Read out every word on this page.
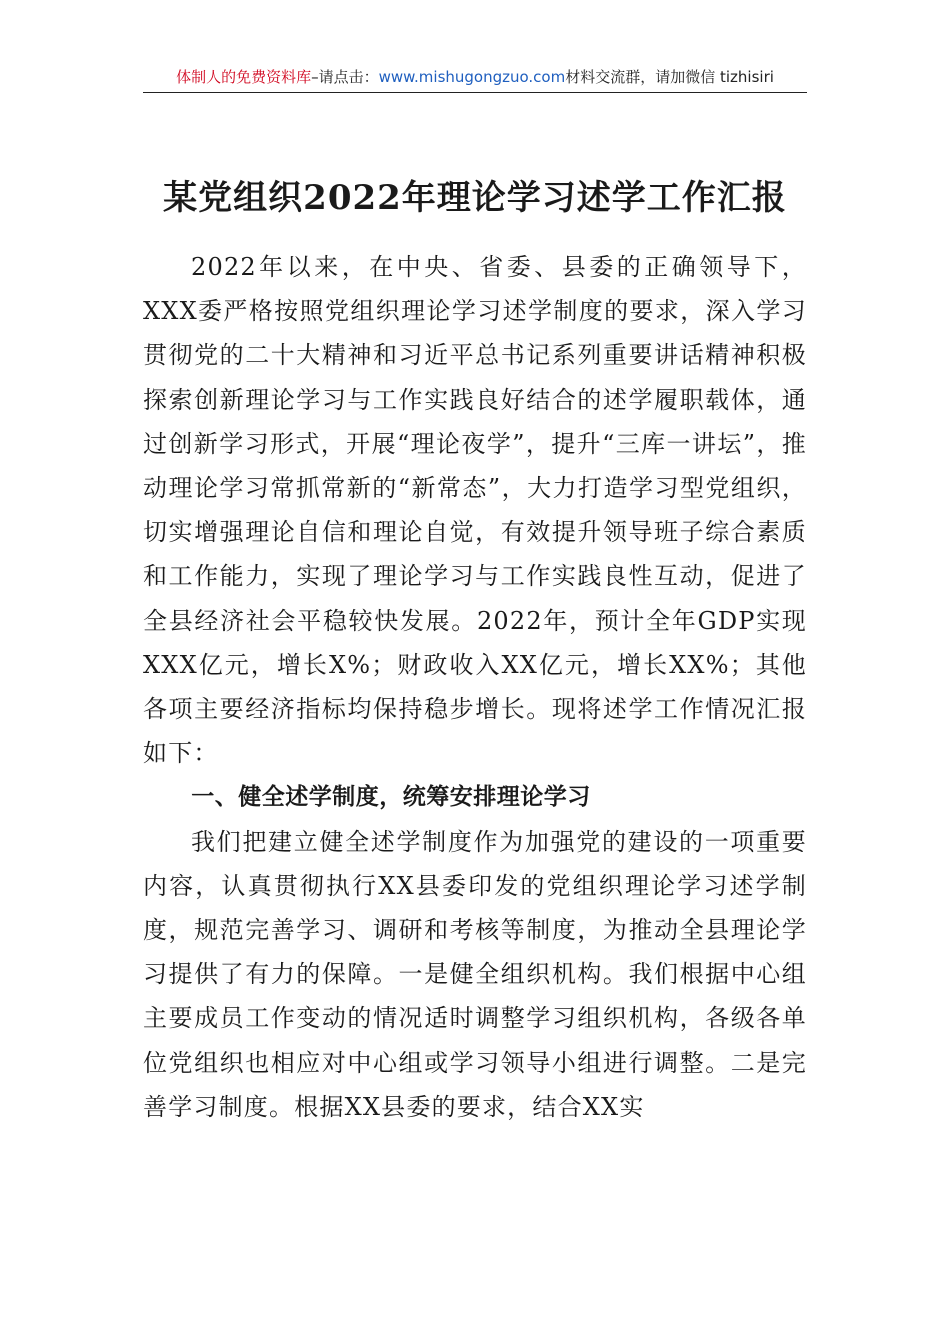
体制人的免费资料库–请点击：www.mishugongzuo.com材料交流群，请加微信 tizhisiri
某党组织2022年理论学习述学工作汇报

2022年以来，在中央、省委、县委的正确领导下，XXX委严格按照党组织理论学习述学制度的要求，深入学习贯彻党的二十大精神和习近平总书记系列重要讲话精神积极探索创新理论学习与工作实践良好结合的述学履职载体，通过创新学习形式，开展“理论夜学”，提升“三库一讲坛”，推动理论学习常抓常新的“新常态”，大力打造学习型党组织，切实增强理论自信和理论自觉，有效提升领导班子综合素质和工作能力，实现了理论学习与工作实践良性互动，促进了全县经济社会平稳较快发展。2022年，预计全年GDP实现XXX亿元，增长X%；财政收入XX亿元，增长XX%；其他各项主要经济指标均保持稳步增长。现将述学工作情况汇报如下：

一、健全述学制度，统筹安排理论学习

我们把建立健全述学制度作为加强党的建设的一项重要内容，认真贯彻执行XX县委印发的党组织理论学习述学制度，规范完善学习、调研和考核等制度，为推动全县理论学习提供了有力的保障。一是健全组织机构。我们根据中心组主要成员工作变动的情况适时调整学习组织机构，各级各单位党组织也相应对中心组或学习领导小组进行调整。二是完善学习制度。根据XX县委的要求，结合XX实
